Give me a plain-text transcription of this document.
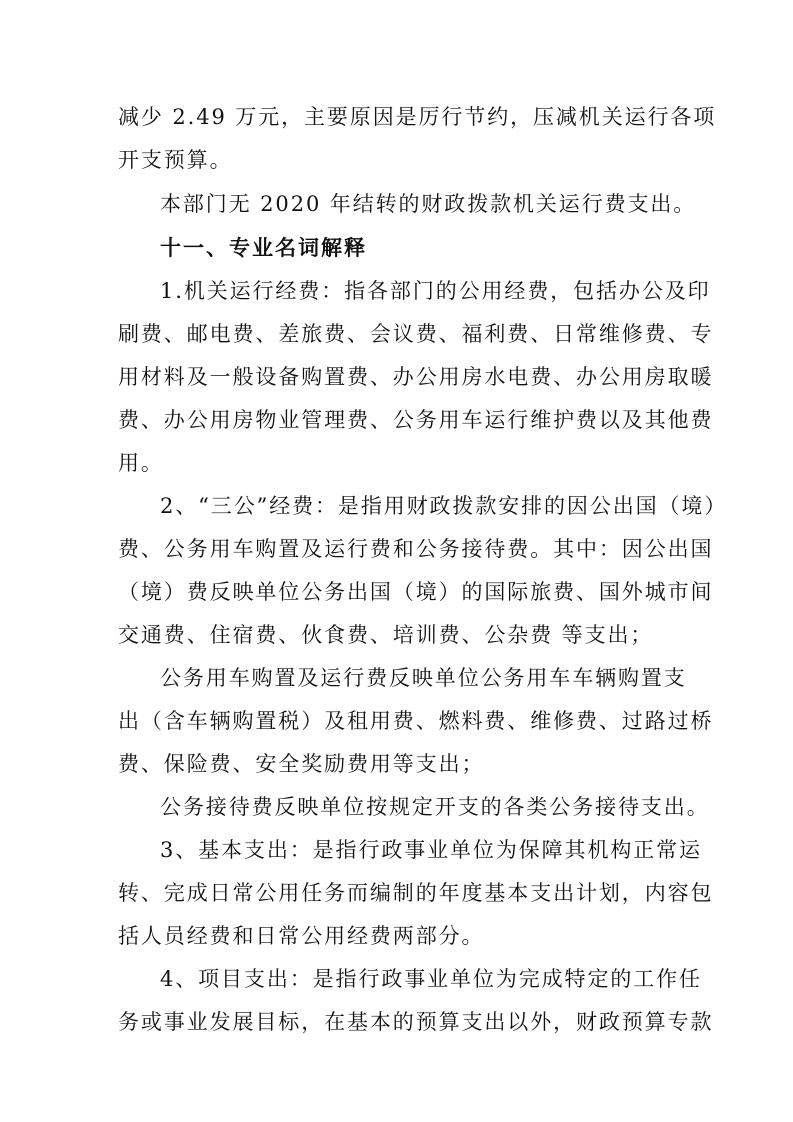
减少 2.49 万元，主要原因是厉行节约，压减机关运行各项
开支预算。
本部门无 2020 年结转的财政拨款机关运行费支出。
十一、专业名词解释
1.机关运行经费：指各部门的公用经费，包括办公及印
刷费、邮电费、差旅费、会议费、福利费、日常维修费、专
用材料及一般设备购置费、办公用房水电费、办公用房取暖
费、办公用房物业管理费、公务用车运行维护费以及其他费
用。
2、“三公”经费：是指用财政拨款安排的因公出国（境）
费、公务用车购置及运行费和公务接待费。其中：因公出国
（境）费反映单位公务出国（境）的国际旅费、国外城市间
交通费、住宿费、伙食费、培训费、公杂费 等支出；
公务用车购置及运行费反映单位公务用车车辆购置支
出（含车辆购置税）及租用费、燃料费、维修费、过路过桥
费、保险费、安全奖励费用等支出；
公务接待费反映单位按规定开支的各类公务接待支出。
3、基本支出：是指行政事业单位为保障其机构正常运
转、完成日常公用任务而编制的年度基本支出计划，内容包
括人员经费和日常公用经费两部分。
4、项目支出：是指行政事业单位为完成特定的工作任
务或事业发展目标，在基本的预算支出以外，财政预算专款
